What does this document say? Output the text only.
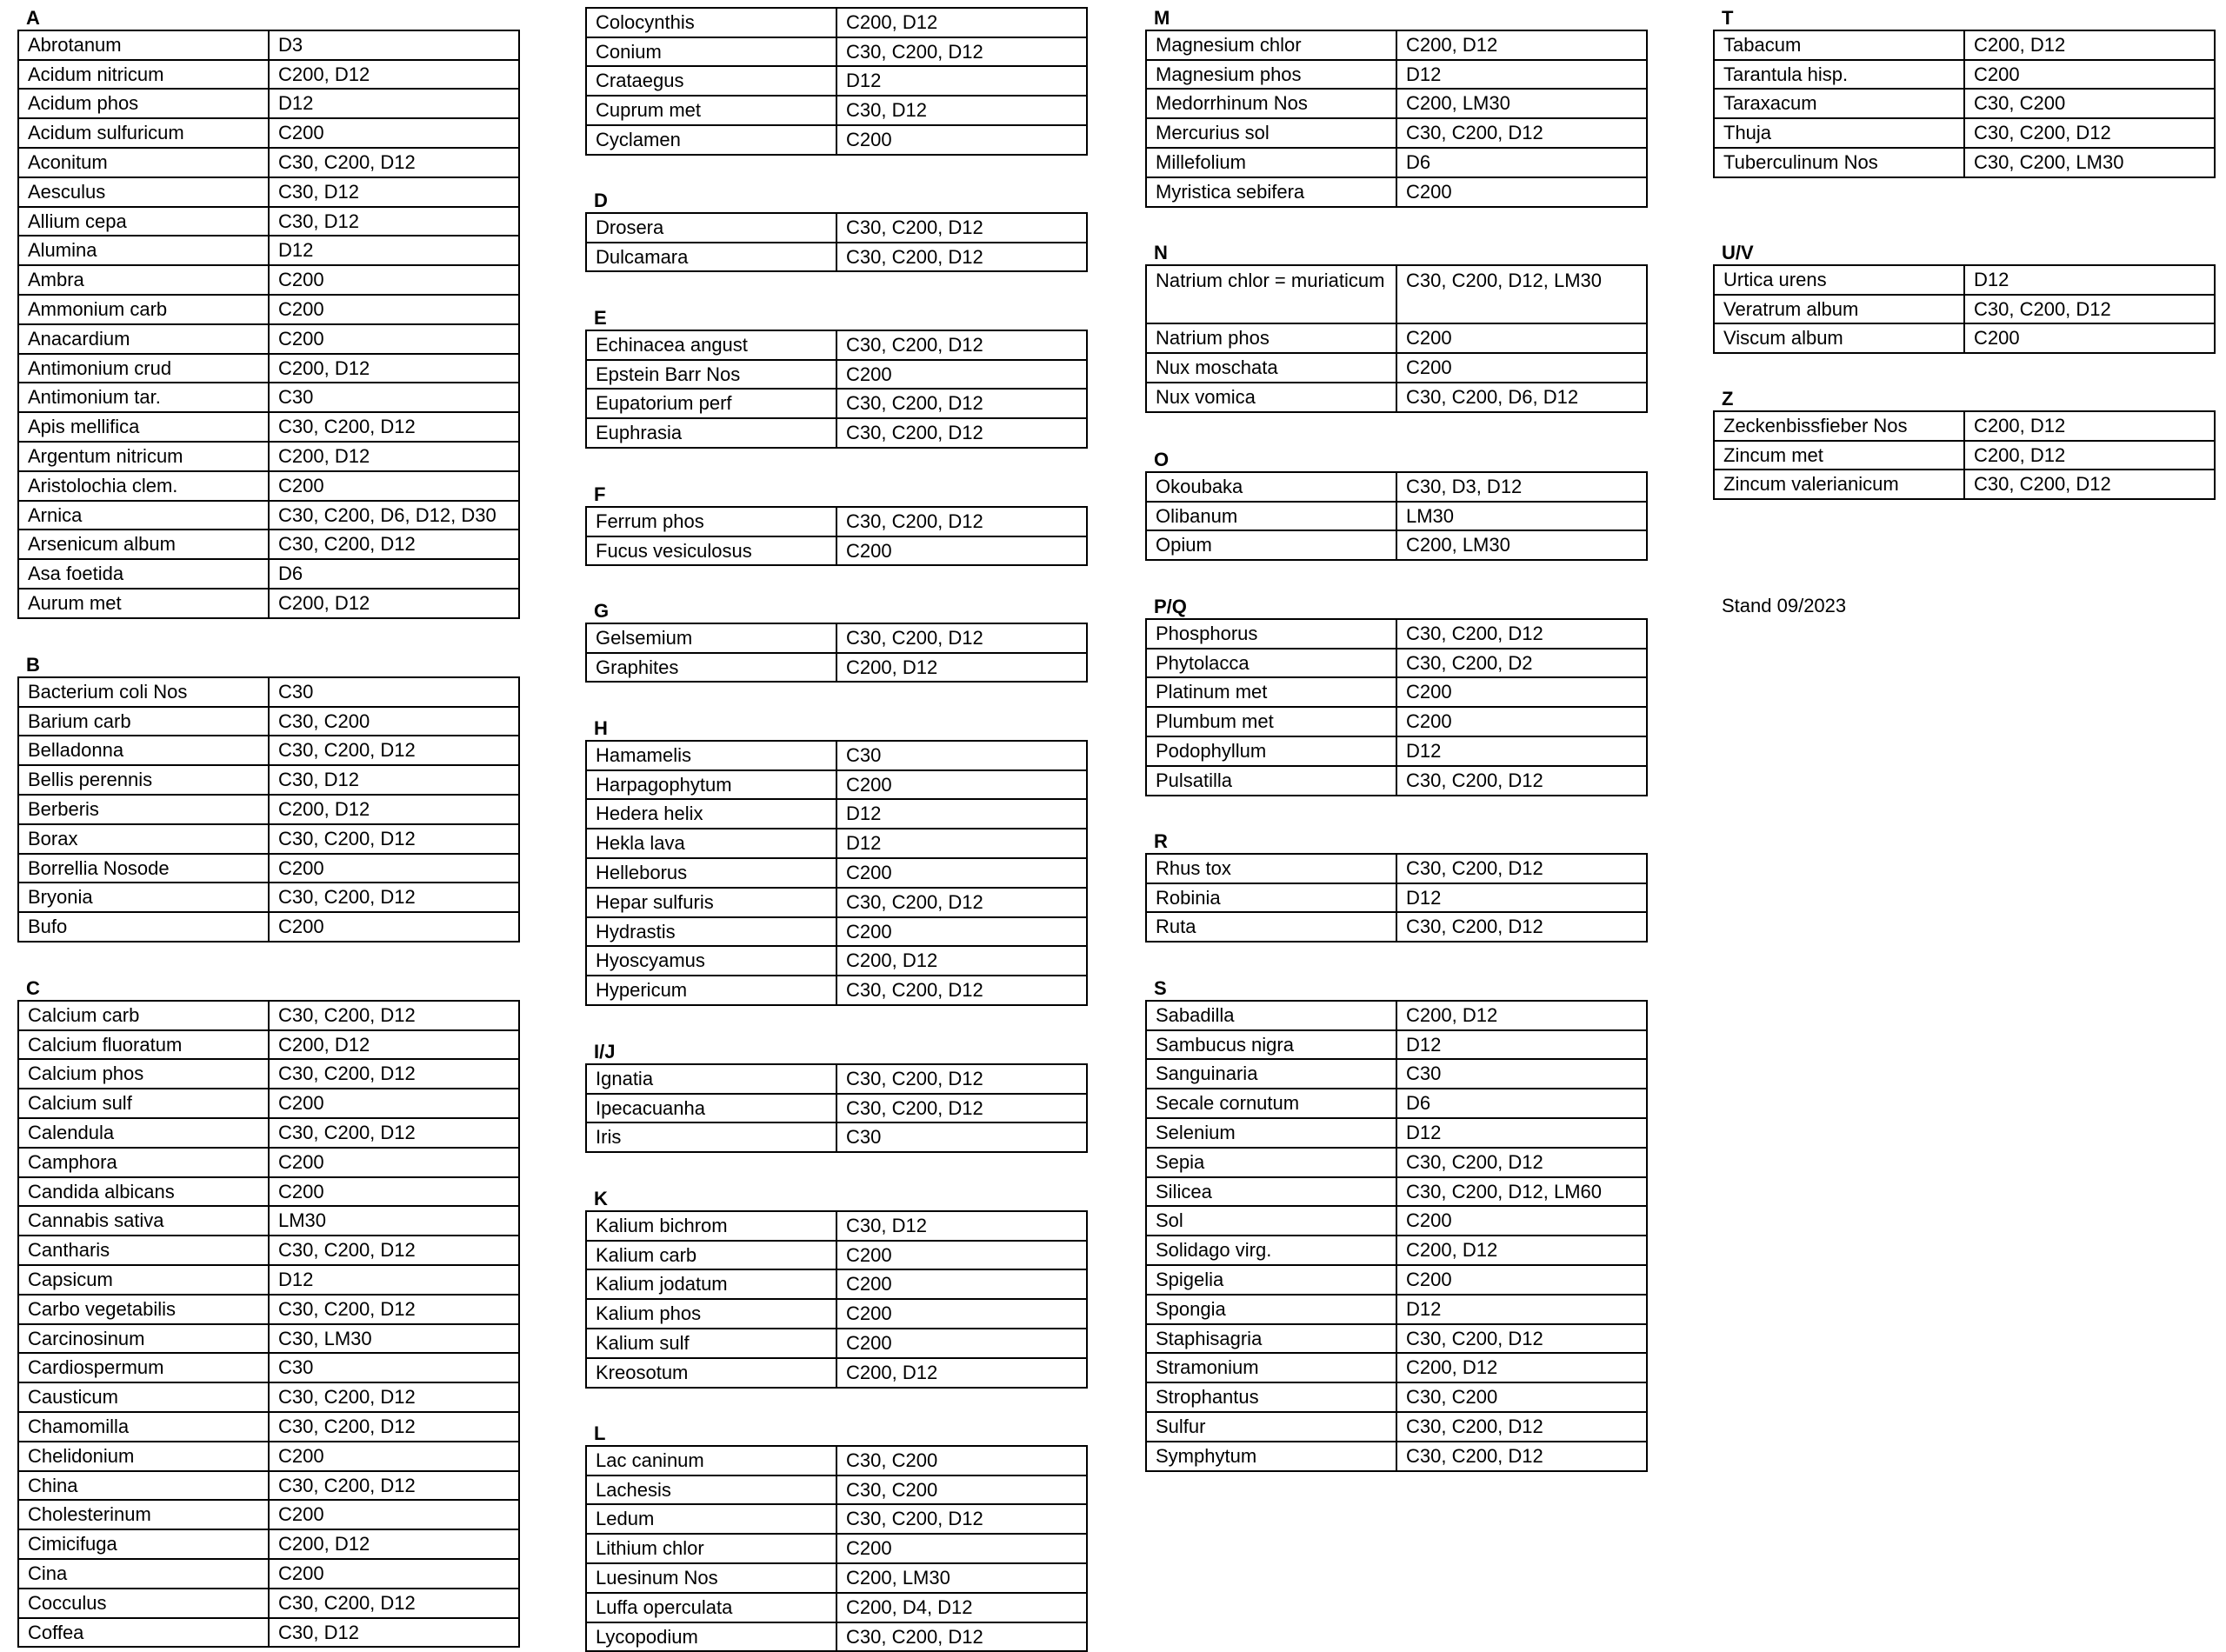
A
Abrotanum	D3
Acidum nitricum	C200, D12
Acidum phos	D12
Acidum sulfuricum	C200
Aconitum	C30, C200, D12
Aesculus	C30, D12
Allium cepa	C30, D12
Alumina	D12
Ambra	C200
Ammonium carb	C200
Anacardium	C200
Antimonium crud	C200, D12
Antimonium tar.	C30
Apis mellifica	C30, C200, D12
Argentum nitricum	C200, D12
Aristolochia clem.	C200
Arnica	C30, C200, D6, D12, D30
Arsenicum album	C30, C200, D12
Asa foetida	D6
Aurum met	C200, D12
B
Bacterium coli Nos	C30
Barium carb	C30, C200
Belladonna	C30, C200, D12
Bellis perennis	C30, D12
Berberis	C200, D12
Borax	C30, C200, D12
Borrellia Nosode	C200
Bryonia	C30, C200, D12
Bufo	C200
C
Calcium carb	C30, C200, D12
Calcium fluoratum	C200, D12
Calcium phos	C30, C200, D12
Calcium sulf	C200
Calendula	C30, C200, D12
Camphora	C200
Candida albicans	C200
Cannabis sativa	LM30
Cantharis	C30, C200, D12
Capsicum	D12
Carbo vegetabilis	C30, C200, D12
Carcinosinum	C30, LM30
Cardiospermum	C30
Causticum	C30, C200, D12
Chamomilla	C30, C200, D12
Chelidonium	C200
China	C30, C200, D12
Cholesterinum	C200
Cimicifuga	C200, D12
Cina	C200
Cocculus	C30, C200, D12
Coffea	C30, D12
Colocynthis	C200, D12
Conium	C30, C200, D12
Crataegus	D12
Cuprum met	C30, D12
Cyclamen	C200
D
Drosera	C30, C200, D12
Dulcamara	C30, C200, D12
E
Echinacea angust	C30, C200, D12
Epstein Barr Nos	C200
Eupatorium perf	C30, C200, D12
Euphrasia	C30, C200, D12
F
Ferrum phos	C30, C200, D12
Fucus vesiculosus	C200
G
Gelsemium	C30, C200, D12
Graphites	C200, D12
H
Hamamelis	C30
Harpagophytum	C200
Hedera helix	D12
Hekla lava	D12
Helleborus	C200
Hepar sulfuris	C30, C200, D12
Hydrastis	C200
Hyoscyamus	C200, D12
Hypericum	C30, C200, D12
I/J
Ignatia	C30, C200, D12
Ipecacuanha	C30, C200, D12
Iris	C30
K
Kalium bichrom	C30, D12
Kalium carb	C200
Kalium jodatum	C200
Kalium phos	C200
Kalium sulf	C200
Kreosotum	C200, D12
L
Lac caninum	C30, C200
Lachesis	C30, C200
Ledum	C30, C200, D12
Lithium chlor	C200
Luesinum Nos	C200, LM30
Luffa operculata	C200, D4, D12
Lycopodium	C30, C200, D12
M
Magnesium chlor	C200, D12
Magnesium phos	D12
Medorrhinum Nos	C200, LM30
Mercurius sol	C30, C200, D12
Millefolium	D6
Myristica sebifera	C200
N
Natrium chlor = muriaticum	C30, C200, D12, LM30
Natrium phos	C200
Nux moschata	C200
Nux vomica	C30, C200, D6, D12
O
Okoubaka	C30, D3, D12
Olibanum	LM30
Opium	C200, LM30
P/Q
Phosphorus	C30, C200, D12
Phytolacca	C30, C200, D2
Platinum met	C200
Plumbum met	C200
Podophyllum	D12
Pulsatilla	C30, C200, D12
R
Rhus tox	C30, C200, D12
Robinia	D12
Ruta	C30, C200, D12
S
Sabadilla	C200, D12
Sambucus nigra	D12
Sanguinaria	C30
Secale cornutum	D6
Selenium	D12
Sepia	C30, C200, D12
Silicea	C30, C200, D12, LM60
Sol	C200
Solidago virg.	C200, D12
Spigelia	C200
Spongia	D12
Staphisagria	C30, C200, D12
Stramonium	C200, D12
Strophantus	C30, C200
Sulfur	C30, C200, D12
Symphytum	C30, C200, D12
T
Tabacum	C200, D12
Tarantula hisp.	C200
Taraxacum	C30, C200
Thuja	C30, C200, D12
Tuberculinum Nos	C30, C200, LM30
U/V
Urtica urens	D12
Veratrum album	C30, C200, D12
Viscum album	C200
Z
Zeckenbissfieber Nos	C200, D12
Zincum met	C200, D12
Zincum valerianicum	C30, C200, D12
Stand 09/2023
